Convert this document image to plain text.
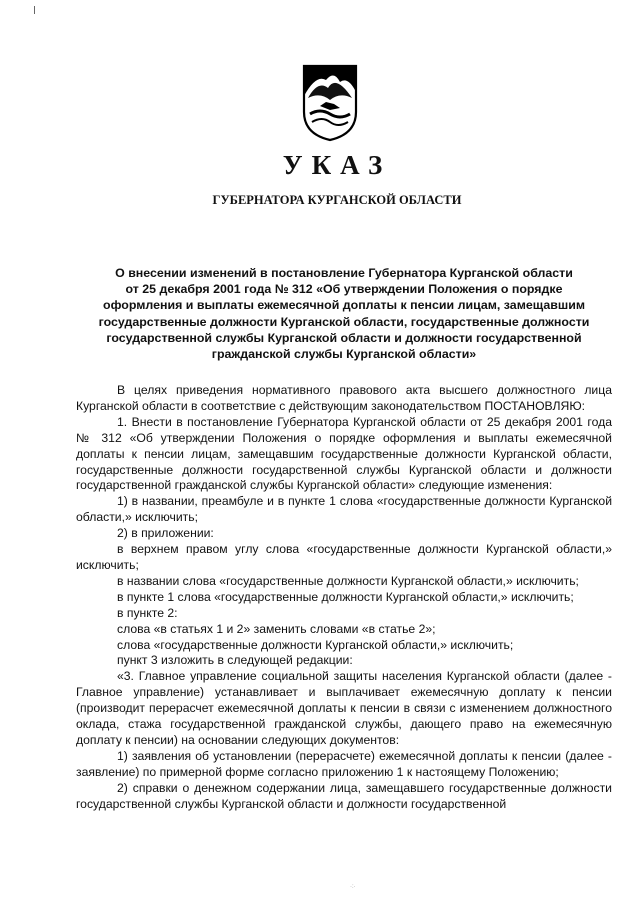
УКАЗ
ГУБЕРНАТОРА КУРГАНСКОЙ ОБЛАСТИ
О внесении изменений в постановление Губернатора Курганской области
от 25 декабря 2001 года № 312 «Об утверждении Положения о порядке
оформления и выплаты ежемесячной доплаты к пенсии лицам, замещавшим
государственные должности Курганской области, государственные должности
государственной службы Курганской области и должности государственной
гражданской службы Курганской области»

В целях приведения нормативного правового акта высшего должностного лица Курганской области в соответствие с действующим законодательством ПОСТАНОВЛЯЮ:

1. Внести в постановление Губернатора Курганской области от 25 декабря 2001 года № 312 «Об утверждении Положения о порядке оформления и выплаты ежемесячной доплаты к пенсии лицам, замещавшим государственные должности Курганской области, государственные должности государственной службы Курганской области и должности государственной гражданской службы Курганской области» следующие изменения:

1) в названии, преамбуле и в пункте 1 слова «государственные должности Курганской области,» исключить;

2) в приложении:

в верхнем правом углу слова «государственные должности Курганской области,» исключить;

в названии слова «государственные должности Курганской области,» исключить;

в пункте 1 слова «государственные должности Курганской области,» исключить;

в пункте 2:

слова «в статьях 1 и 2» заменить словами «в статье 2»;

слова «государственные должности Курганской области,» исключить;

пункт 3 изложить в следующей редакции:

«3. Главное управление социальной защиты населения Курганской области (далее - Главное управление) устанавливает и выплачивает ежемесячную доплату к пенсии (производит перерасчет ежемесячной доплаты к пенсии в связи с изменением должностного оклада, стажа государственной гражданской службы, дающего право на ежемесячную доплату к пенсии) на основании следующих документов:

1) заявления об установлении (перерасчете) ежемесячной доплаты к пенсии (далее - заявление) по примерной форме согласно приложению 1 к настоящему Положению;

2) справки о денежном содержании лица, замещавшего государственные должности государственной службы Курганской области и должности государственной

·:·
